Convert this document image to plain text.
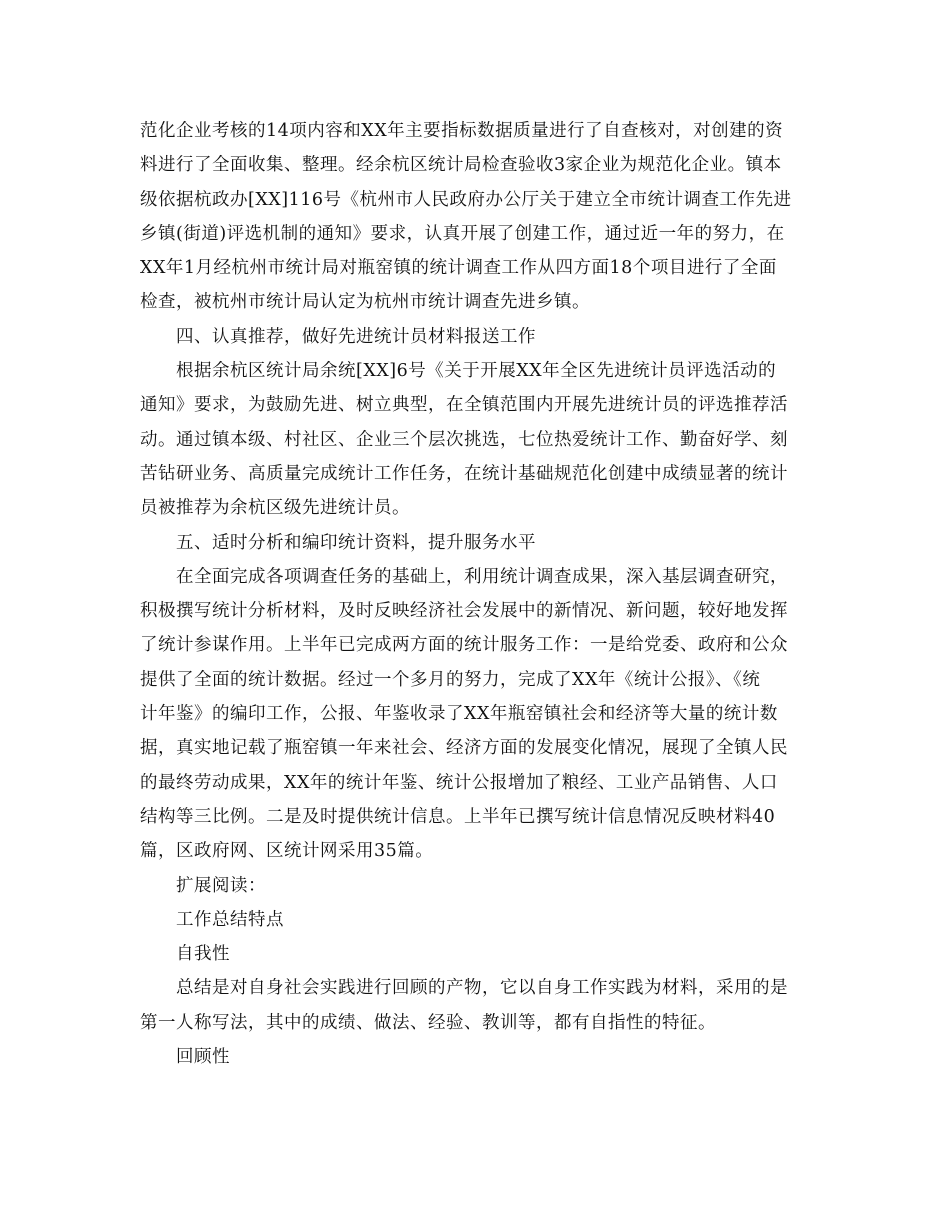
范化企业考核的14项内容和XX年主要指标数据质量进行了自查核对，对创建的资
料进行了全面收集、整理。经余杭区统计局检查验收3家企业为规范化企业。镇本
级依据杭政办[XX]116号《杭州市人民政府办公厅关于建立全市统计调查工作先进
乡镇(街道)评选机制的通知》要求，认真开展了创建工作，通过近一年的努力，在
XX年1月经杭州市统计局对瓶窑镇的统计调查工作从四方面18个项目进行了全面
检查，被杭州市统计局认定为杭州市统计调查先进乡镇。
四、认真推荐，做好先进统计员材料报送工作
根据余杭区统计局余统[XX]6号《关于开展XX年全区先进统计员评选活动的
通知》要求，为鼓励先进、树立典型，在全镇范围内开展先进统计员的评选推荐活
动。通过镇本级、村社区、企业三个层次挑选，七位热爱统计工作、勤奋好学、刻
苦钻研业务、高质量完成统计工作任务，在统计基础规范化创建中成绩显著的统计
员被推荐为余杭区级先进统计员。
五、适时分析和编印统计资料，提升服务水平
在全面完成各项调查任务的基础上，利用统计调查成果，深入基层调查研究，
积极撰写统计分析材料，及时反映经济社会发展中的新情况、新问题，较好地发挥
了统计参谋作用。上半年已完成两方面的统计服务工作：一是给党委、政府和公众
提供了全面的统计数据。经过一个多月的努力，完成了XX年《统计公报》、《统
计年鉴》的编印工作，公报、年鉴收录了XX年瓶窑镇社会和经济等大量的统计数
据，真实地记载了瓶窑镇一年来社会、经济方面的发展变化情况，展现了全镇人民
的最终劳动成果，XX年的统计年鉴、统计公报增加了粮经、工业产品销售、人口
结构等三比例。二是及时提供统计信息。上半年已撰写统计信息情况反映材料40
篇，区政府网、区统计网采用35篇。
扩展阅读：
工作总结特点
自我性
总结是对自身社会实践进行回顾的产物，它以自身工作实践为材料，采用的是
第一人称写法，其中的成绩、做法、经验、教训等，都有自指性的特征。
回顾性
